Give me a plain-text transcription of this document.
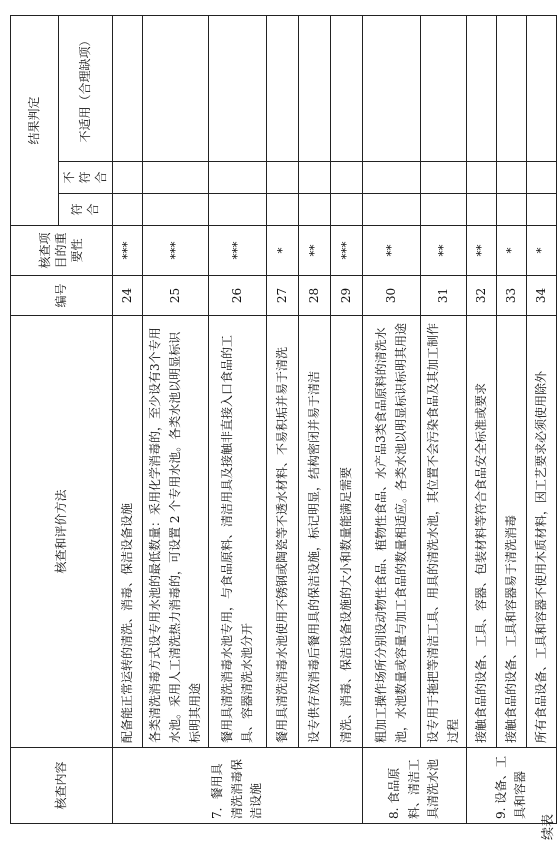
续表
核查内容	核查和评价方法	编号	核查项目的重要性	结果判定		
				符合	不符合	不适用（合理缺项）
7．餐用具清洗消毒保洁设施	配备能正常运转的清洗、消毒、保洁设备设施	24	***			
	各类清洗消毒方式设专用水池的最低数量：采用化学消毒的，至少设有3个专用水池。采用人工清洗热力消毒的，可设置 2 个专用水池。各类水池以明显标识标明其用途	25	***			
	餐用具清洗消毒水池专用，与食品原料、清洁用具及接触非直接入口食品的工具、容器清洗水池分开	26	***			
	餐用具清洗消毒水池使用不锈钢或陶瓷等不透水材料、不易积垢并易于清洗	27	*			
	设专供存放消毒后餐用具的保洁设施，标记明显，结构密闭并易于清洁	28	**			
	清洗、消毒、保洁设备设施的大小和数量能满足需要	29	***			
8. 食品原料、清洁工具清洗水池	粗加工操作场所分别设动物性食品、植物性食品、水产品3类食品原料的清洗水池，水池数量或容量与加工食品的数量相适应。各类水池以明显标识标明其用途	30	**			
	设专用于拖把等清洁工具、用具的清洗水池，其位置不会污染食品及其加工制作过程	31	**			
9. 设备、工具和容器	接触食品的设备、工具、容器、包装材料等符合食品安全标准或要求	32	**			
	接触食品的设备、工具和容器易于清洗消毒	33	*			
	所有食品设备、工具和容器不使用木质材料，因工艺要求必须使用除外	34	*			
